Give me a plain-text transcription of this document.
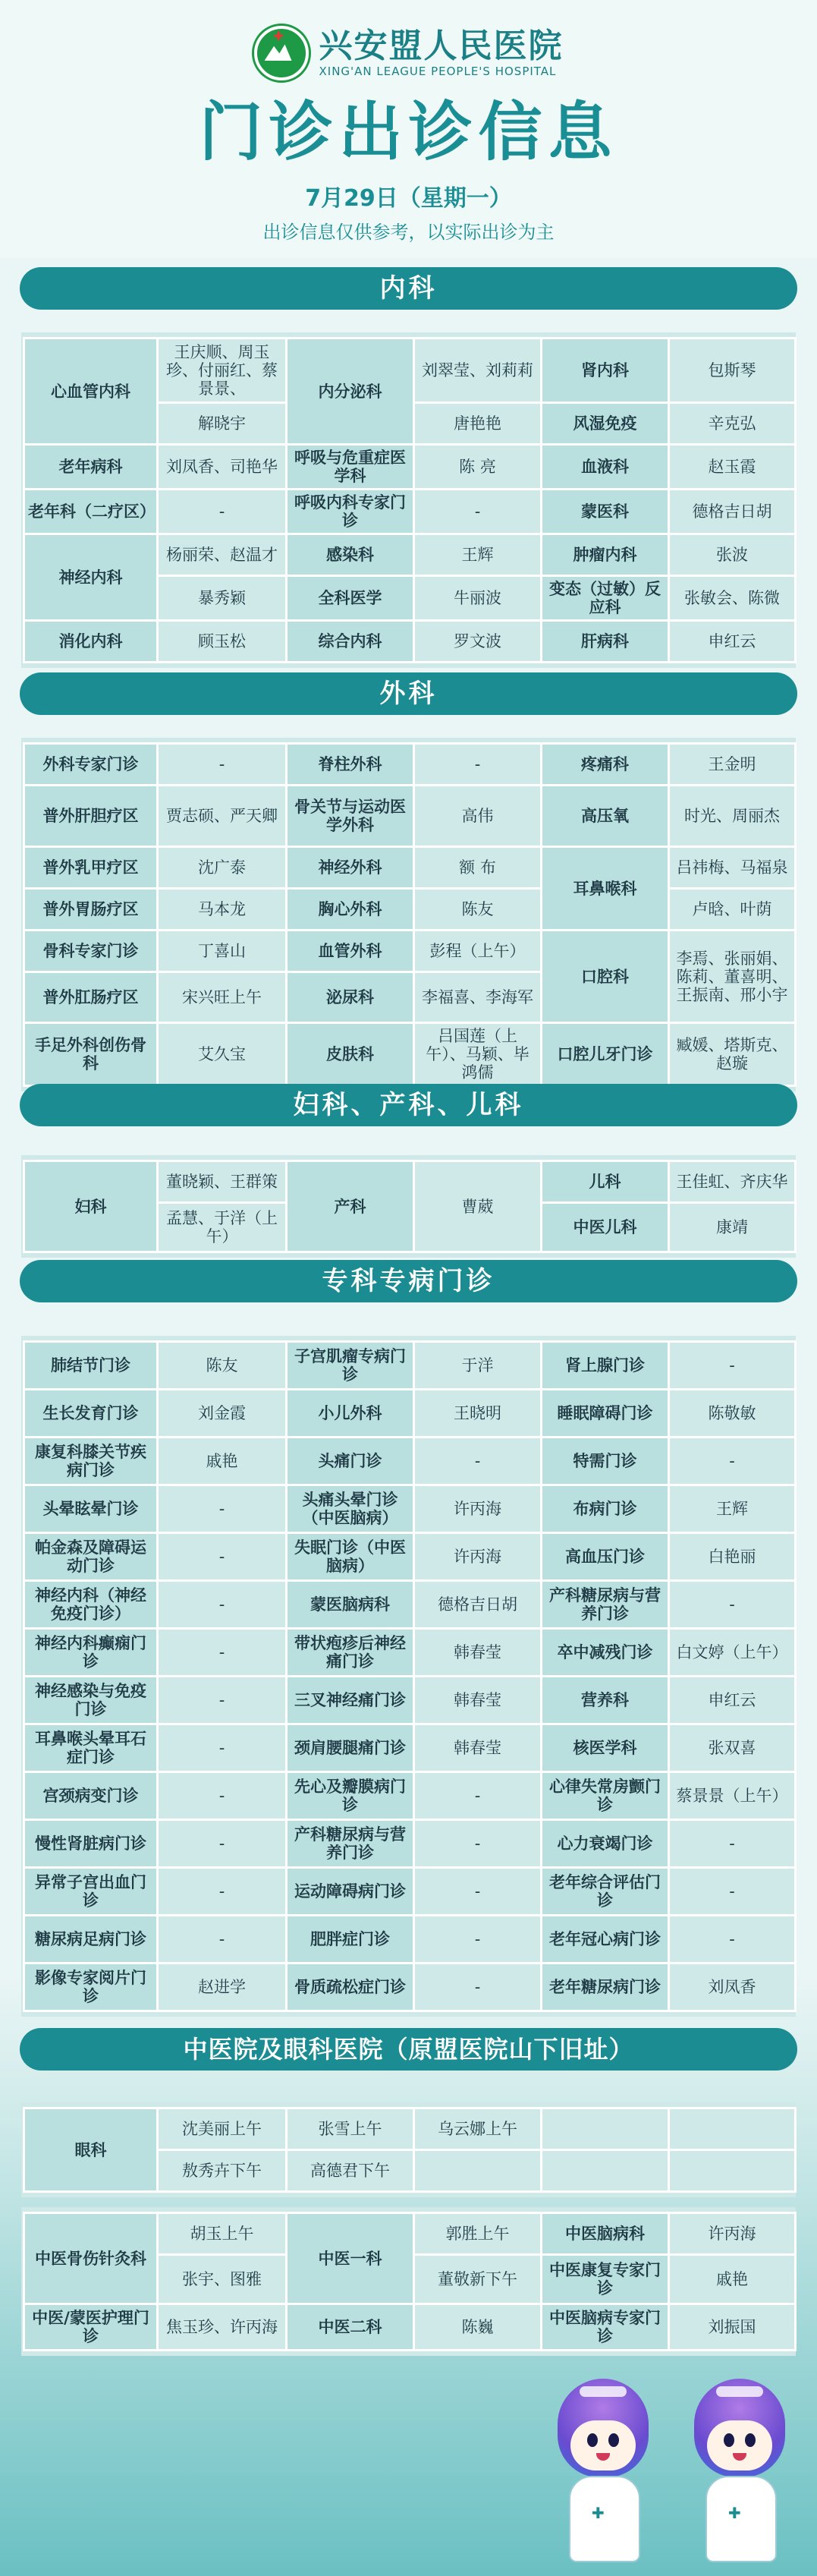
✚
兴安盟人民医院
XING'AN LEAGUE PEOPLE'S HOSPITAL
门诊出诊信息
7月29日（星期一）
出诊信息仅供参考，以实际出诊为主
内科
心血管内科	王庆顺、周玉珍、付丽红、蔡景景、	内分泌科	刘翠莹、刘莉莉	肾内科	包斯琴
	解晓宇		唐艳艳	风湿免疫	辛克弘
老年病科	刘凤香、司艳华	呼吸与危重症医学科	陈 亮	血液科	赵玉霞
老年科（二疗区）	-	呼吸内科专家门诊	-	蒙医科	德格吉日胡
神经内科	杨丽荣、赵温才	感染科	王辉	肿瘤内科	张波
	暴秀颖	全科医学	牛丽波	变态（过敏）反应科	张敏会、陈微
消化内科	顾玉松	综合内科	罗文波	肝病科	申红云
外科
外科专家门诊	-	脊柱外科	-	疼痛科	王金明
普外肝胆疗区	贾志硕、严天卿	骨关节与运动医学外科	高伟	高压氧	时光、周丽杰
普外乳甲疗区	沈广泰	神经外科	额 布	耳鼻喉科	吕祎梅、马福泉
普外胃肠疗区	马本龙	胸心外科	陈友		卢晗、叶荫
骨科专家门诊	丁喜山	血管外科	彭程（上午）	口腔科	李焉、张丽娟、陈莉、董喜明、王振南、邢小宇
普外肛肠疗区	宋兴旺上午	泌尿科	李福喜、李海军		
手足外科创伤骨科	艾久宝	皮肤科	吕国莲（上午）、马颖、毕鸿儒	口腔儿牙门诊	臧媛、塔斯克、赵璇
妇科、产科、儿科
妇科	董晓颖、王群策	产科	曹葳	儿科	王佳虹、齐庆华
	孟慧、于洋（上午）			中医儿科	康靖
专科专病门诊
肺结节门诊	陈友	子宫肌瘤专病门诊	于洋	肾上腺门诊	-
生长发育门诊	刘金霞	小儿外科	王晓明	睡眠障碍门诊	陈敬敏
康复科膝关节疾病门诊	戚艳	头痛门诊	-	特需门诊	-
头晕眩晕门诊	-	头痛头晕门诊（中医脑病）	许丙海	布病门诊	王辉
帕金森及障碍运动门诊	-	失眠门诊（中医脑病）	许丙海	高血压门诊	白艳丽
神经内科（神经免疫门诊）	-	蒙医脑病科	德格吉日胡	产科糖尿病与营养门诊	-
神经内科癫痫门诊	-	带状疱疹后神经痛门诊	韩春莹	卒中减残门诊	白文婷（上午）
神经感染与免疫门诊	-	三叉神经痛门诊	韩春莹	营养科	申红云
耳鼻喉头晕耳石症门诊	-	颈肩腰腿痛门诊	韩春莹	核医学科	张双喜
宫颈病变门诊	-	先心及瓣膜病门诊	-	心律失常房颤门诊	蔡景景（上午）
慢性肾脏病门诊	-	产科糖尿病与营养门诊	-	心力衰竭门诊	-
异常子宫出血门诊	-	运动障碍病门诊	-	老年综合评估门诊	-
糖尿病足病门诊	-	肥胖症门诊	-	老年冠心病门诊	-
影像专家阅片门诊	赵进学	骨质疏松症门诊	-	老年糖尿病门诊	刘凤香
中医院及眼科医院（原盟医院山下旧址）
眼科	沈美丽上午	张雪上午	乌云娜上午		
	敖秀卉下午	高德君下午			
中医骨伤针灸科	胡玉上午	中医一科	郭胜上午	中医脑病科	许丙海
	张宇、图雅		董敬新下午	中医康复专家门诊	戚艳
中医/蒙医护理门诊	焦玉珍、许丙海	中医二科	陈巍	中医脑病专家门诊	刘振国
✚	✚
